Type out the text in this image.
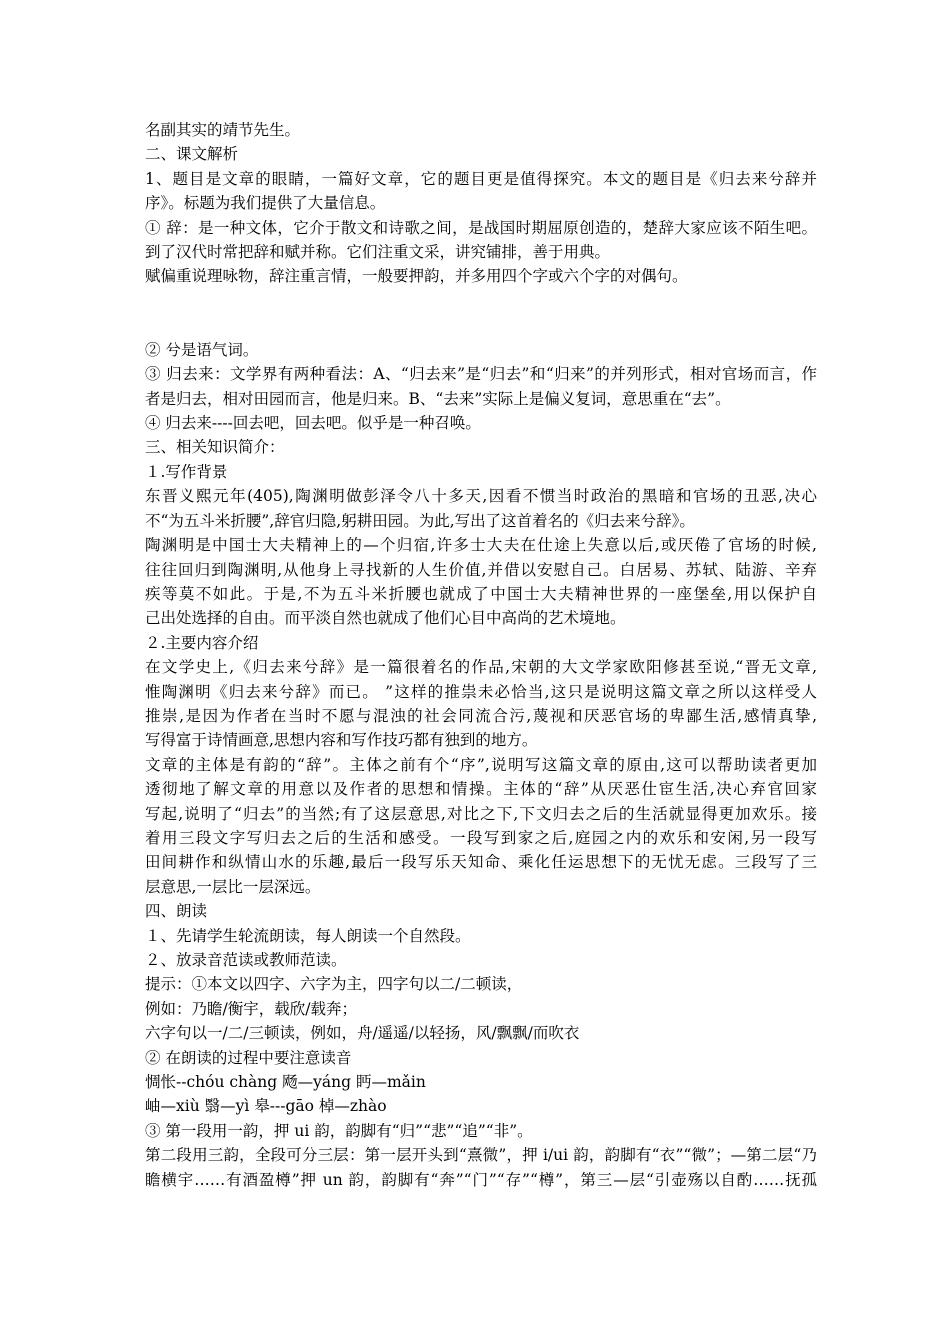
名副其实的靖节先生。
二、课文解析
1、题目是文章的眼睛，一篇好文章，它的题目更是值得探究。本文的题目是《归去来兮辞并
序》。标题为我们提供了大量信息。
① 辞：是一种文体，它介于散文和诗歌之间，是战国时期屈原创造的，楚辞大家应该不陌生吧。
到了汉代时常把辞和赋并称。它们注重文采，讲究铺排，善于用典。
赋偏重说理咏物，辞注重言情，一般要押韵，并多用四个字或六个字的对偶句。
② 兮是语气词。
③ 归去来：文学界有两种看法：A、“归去来”是“归去”和“归来”的并列形式，相对官场而言，作
者是归去，相对田园而言，他是归来。B、“去来”实际上是偏义复词，意思重在“去”。
④ 归去来----回去吧，回去吧。似乎是一种召唤。
三、相关知识简介：
１.写作背景
东晋义熙元年(405),陶渊明做彭泽令八十多天,因看不惯当时政治的黑暗和官场的丑恶,决心
不“为五斗米折腰”,辞官归隐,躬耕田园。为此,写出了这首着名的《归去来兮辞》。
陶渊明是中国士大夫精神上的—个归宿,许多士大夫在仕途上失意以后,或厌倦了官场的时候,
往往回归到陶渊明,从他身上寻找新的人生价值,并借以安慰自己。白居易、苏轼、陆游、辛弃
疾等莫不如此。于是,不为五斗米折腰也就成了中国士大夫精神世界的一座堡垒,用以保护自
己出处选择的自由。而平淡自然也就成了他们心目中高尚的艺术境地。
２.主要内容介绍
在文学史上,《归去来兮辞》是一篇很着名的作品,宋朝的大文学家欧阳修甚至说,“晋无文章,
惟陶渊明《归去来兮辞》而已。 ”这样的推祟未必恰当,这只是说明这篇文章之所以这样受人
推崇,是因为作者在当时不愿与混浊的社会同流合污,蔑视和厌恶官场的卑鄙生活,感情真挚,
写得富于诗情画意,思想内容和写作技巧都有独到的地方。
文章的主体是有韵的“辞”。主体之前有个“序”,说明写这篇文章的原由,这可以帮助读者更加
透彻地了解文章的用意以及作者的思想和情操。主体的“辞”从厌恶仕宦生活,决心弃官回家
写起,说明了“归去”的当然;有了这层意思,对比之下,下文归去之后的生活就显得更加欢乐。接
着用三段文字写归去之后的生活和感受。一段写到家之后,庭园之内的欢乐和安闲,另一段写
田间耕作和纵情山水的乐趣,最后一段写乐天知命、乘化任运思想下的无忧无虑。三段写了三
层意思,一层比一层深远。
四、朗读
１、先请学生轮流朗读，每人朗读一个自然段。
２、放录音范读或教师范读。
提示：①本文以四字、六字为主，四字句以二/二顿读，
例如：乃瞻/衡宇，载欣/载奔；
六字句以一/二/三顿读，例如，舟/遥遥/以轻扬，风/飘飘/而吹衣
② 在朗读的过程中要注意读音
惆怅--chóu chàng 飏—yáng 眄—mǎin
岫—xiù 翳—yì 皋---gāo 棹—zhào
③ 第一段用一韵，押 ui 韵，韵脚有“归”“悲”“追”“非”。
第二段用三韵，全段可分三层：第一层开头到“熹微”，押 i/ui 韵，韵脚有“衣”“微”；—第二层“乃
瞻横宇……有酒盈樽”押 un 韵，韵脚有“奔”“门”“存”“樽”，第三—层“引壶殇以自酌……抚孤
